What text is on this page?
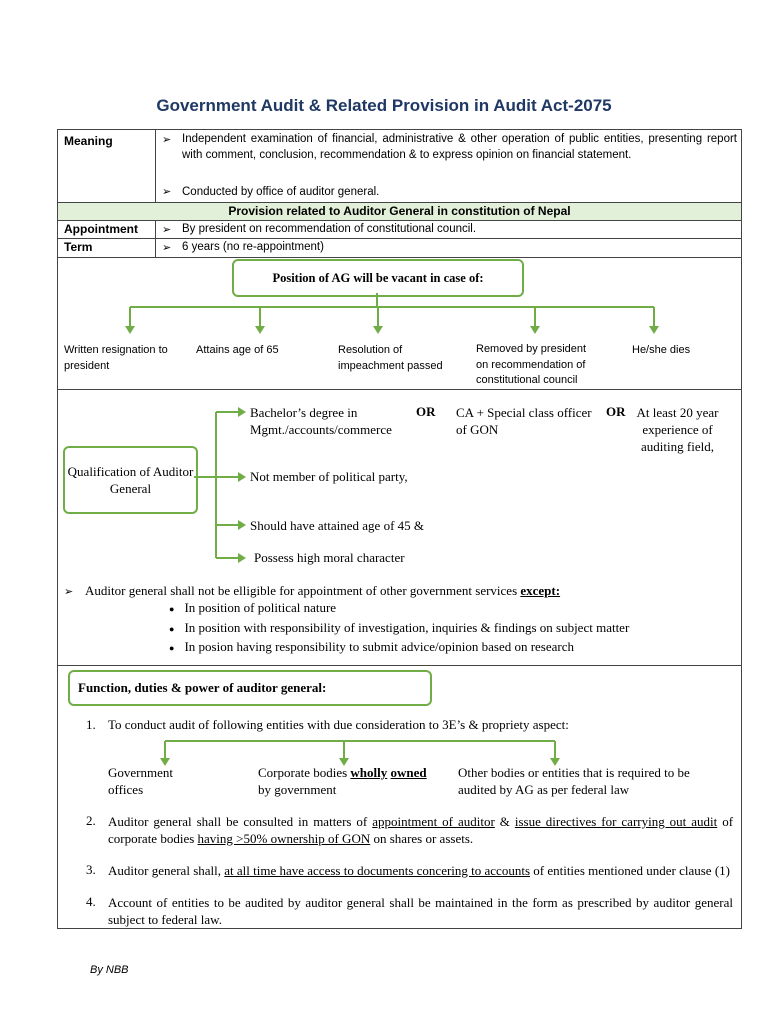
Government Audit & Related Provision in Audit Act-2075
Meaning	➢ Independent examination of financial, administrative & other operation of public entities, presenting report with comment, conclusion, recommendation & to express opinion on financial statement.
➢ Conducted by office of auditor general.
Provision related to Auditor General in constitution of Nepal
Appointment ➢ By president on recommendation of constitutional council.
Term	➢ 6 years (no re-appointment)
Position of AG will be vacant in case of:
Written resignation to president
Attains age of 65	Resolution of impeachment passed
Removed by president on recommendation of constitutional council
He/she dies
Qualification of Auditor General
Bachelor’s degree in Mgmt./accounts/commerce
OR CA + Special class officer of GON
OR At least 20 year experience of auditing field,
Not member of political party,
Should have attained age of 45 &
Possess high moral character
➢ Auditor general shall not be elligible for appointment of other government services except:
● In position of political nature
● In position with responsibility of investigation, inquiries & findings on subject matter
● In posion having responsibility to submit advice/opinion based on research
Function, duties & power of auditor general:
1. To conduct audit of following entities with due consideration to 3E’s & propriety aspect:
Government offices
Corporate bodies wholly owned by government
Other bodies or entities that is required to be audited by AG as per federal law
2. Auditor general shall be consulted in matters of appointment of auditor & issue directives for carrying out audit of corporate bodies having >50% ownership of GON on shares or assets.
3. Auditor general shall, at all time have access to documents concering to accounts of entities mentioned under clause (1)
4. Account of entities to be audited by auditor general shall be maintained in the form as prescribed by auditor general subject to federal law.
By NBB
